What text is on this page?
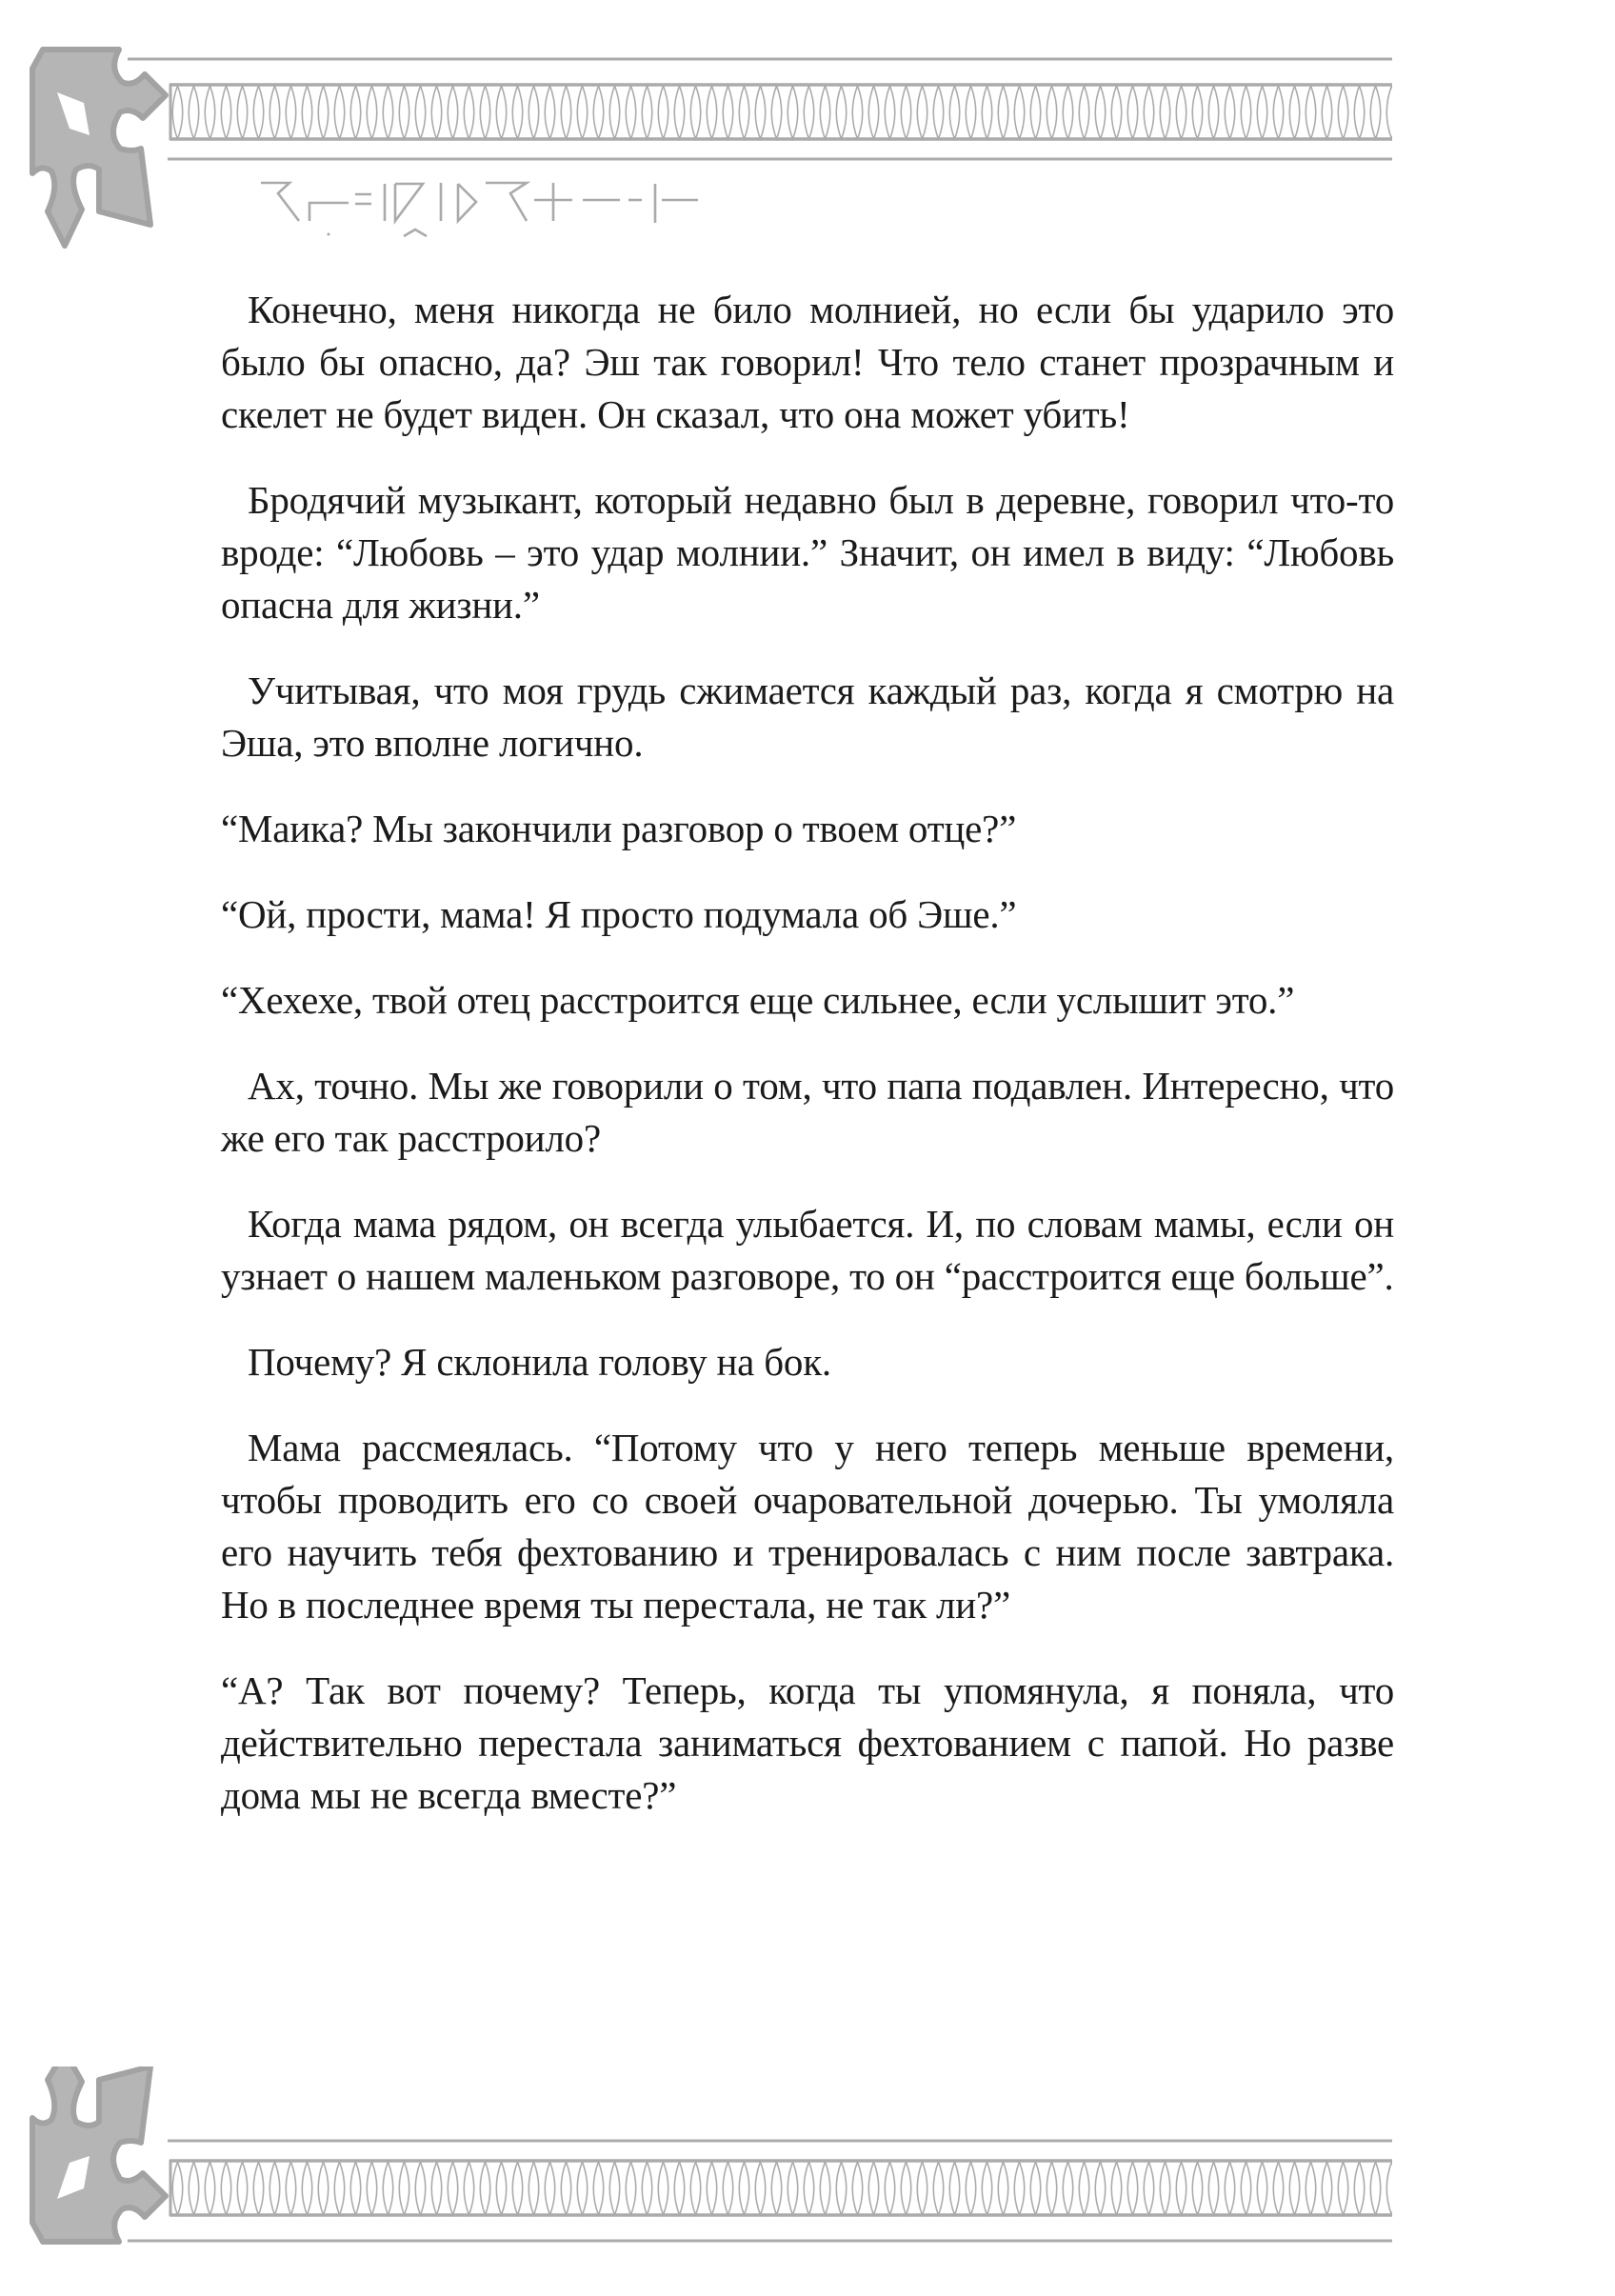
Конечно, меня никогда не било молнией, но если бы ударило это было бы опасно, да? Эш так говорил! Что тело станет прозрачным и скелет не будет виден. Он сказал, что она может убить!

Бродячий музыкант, который недавно был в деревне, говорил что-то вроде: “Любовь – это удар молнии.” Значит, он имел в виду: “Любовь опасна для жизни.”

Учитывая, что моя грудь сжимается каждый раз, когда я смотрю на Эша, это вполне логично.

“Маика? Мы закончили разговор о твоем отце?”

“Ой, прости, мама! Я просто подумала об Эше.”

“Хехехе, твой отец расстроится еще сильнее, если услышит это.”

Ах, точно. Мы же говорили о том, что папа подавлен. Интересно, что же его так расстроило?

Когда мама рядом, он всегда улыбается. И, по словам мамы, если он узнает о нашем маленьком разговоре, то он “расстроится еще больше”.

Почему? Я склонила голову на бок.

Мама рассмеялась. “Потому что у него теперь меньше времени, чтобы проводить его со своей очаровательной дочерью. Ты умоляла его научить тебя фехтованию и тренировалась с ним после завтрака. Но в последнее время ты перестала, не так ли?”

“А? Так вот почему? Теперь, когда ты упомянула, я поняла, что действительно перестала заниматься фехтованием с папой. Но разве дома мы не всегда вместе?”
